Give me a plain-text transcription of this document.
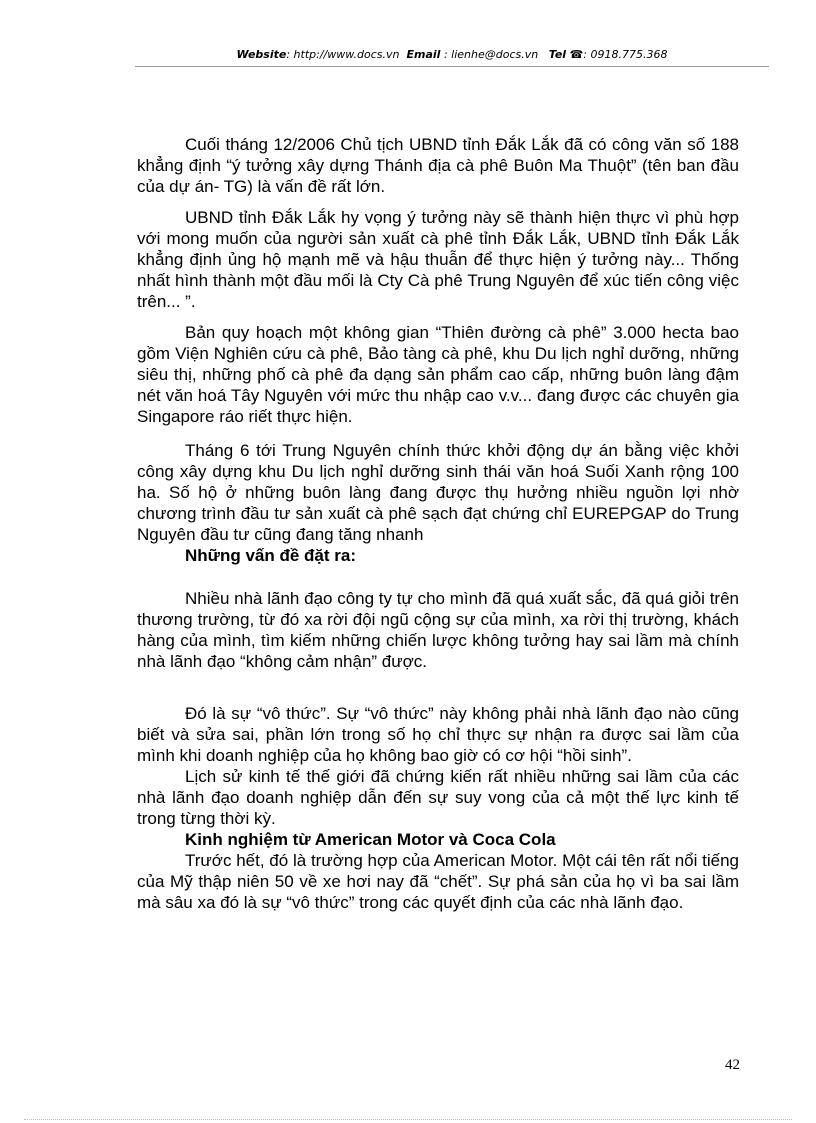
Website: http://www.docs.vn Email : lienhe@docs.vn Tel ☎: 0918.775.368

Cuối tháng 12/2006 Chủ tịch UBND tỉnh Đắk Lắk đã có công văn số 188 khẳng định “ý tưởng xây dựng Thánh địa cà phê Buôn Ma Thuột” (tên ban đầu của dự án- TG) là vấn đề rất lớn.

UBND tỉnh Đắk Lắk hy vọng ý tưởng này sẽ thành hiện thực vì phù hợp với mong muốn của người sản xuất cà phê tỉnh Đắk Lắk, UBND tỉnh Đắk Lắk khẳng định ủng hộ mạnh mẽ và hậu thuẫn để thực hiện ý tưởng này... Thống nhất hình thành một đầu mối là Cty Cà phê Trung Nguyên để xúc tiến công việc trên... ”.

Bản quy hoạch một không gian “Thiên đường cà phê” 3.000 hecta bao gồm Viện Nghiên cứu cà phê, Bảo tàng cà phê, khu Du lịch nghỉ dưỡng, những siêu thị, những phố cà phê đa dạng sản phẩm cao cấp, những buôn làng đậm nét văn hoá Tây Nguyên với mức thu nhập cao v.v... đang được các chuyên gia Singapore ráo riết thực hiện.

Tháng 6 tới Trung Nguyên chính thức khởi động dự án bằng việc khởi công xây dựng khu Du lịch nghỉ dưỡng sinh thái văn hoá Suối Xanh rộng 100 ha. Số hộ ở những buôn làng đang được thụ hưởng nhiều nguồn lợi nhờ chương trình đầu tư sản xuất cà phê sạch đạt chứng chỉ EUREPGAP do Trung Nguyên đầu tư cũng đang tăng nhanh

Những vấn đề đặt ra:

Nhiều nhà lãnh đạo công ty tự cho mình đã quá xuất sắc, đã quá giỏi trên thương trường, từ đó xa rời đội ngũ cộng sự của mình, xa rời thị trường, khách hàng của mình, tìm kiếm những chiến lược không tưởng hay sai lầm mà chính nhà lãnh đạo “không cảm nhận” được.

Đó là sự “vô thức”. Sự “vô thức” này không phải nhà lãnh đạo nào cũng biết và sửa sai, phần lớn trong số họ chỉ thực sự nhận ra được sai lầm của mình khi doanh nghiệp của họ không bao giờ có cơ hội “hồi sinh”.

Lịch sử kinh tế thế giới đã chứng kiến rất nhiều những sai lầm của các nhà lãnh đạo doanh nghiệp dẫn đến sự suy vong của cả một thế lực kinh tế trong từng thời kỳ.

Kinh nghiệm từ American Motor và Coca Cola

Trước hết, đó là trường hợp của American Motor. Một cái tên rất nổi tiếng của Mỹ thập niên 50 về xe hơi nay đã “chết”. Sự phá sản của họ vì ba sai lầm mà sâu xa đó là sự “vô thức” trong các quyết định của các nhà lãnh đạo.

42
